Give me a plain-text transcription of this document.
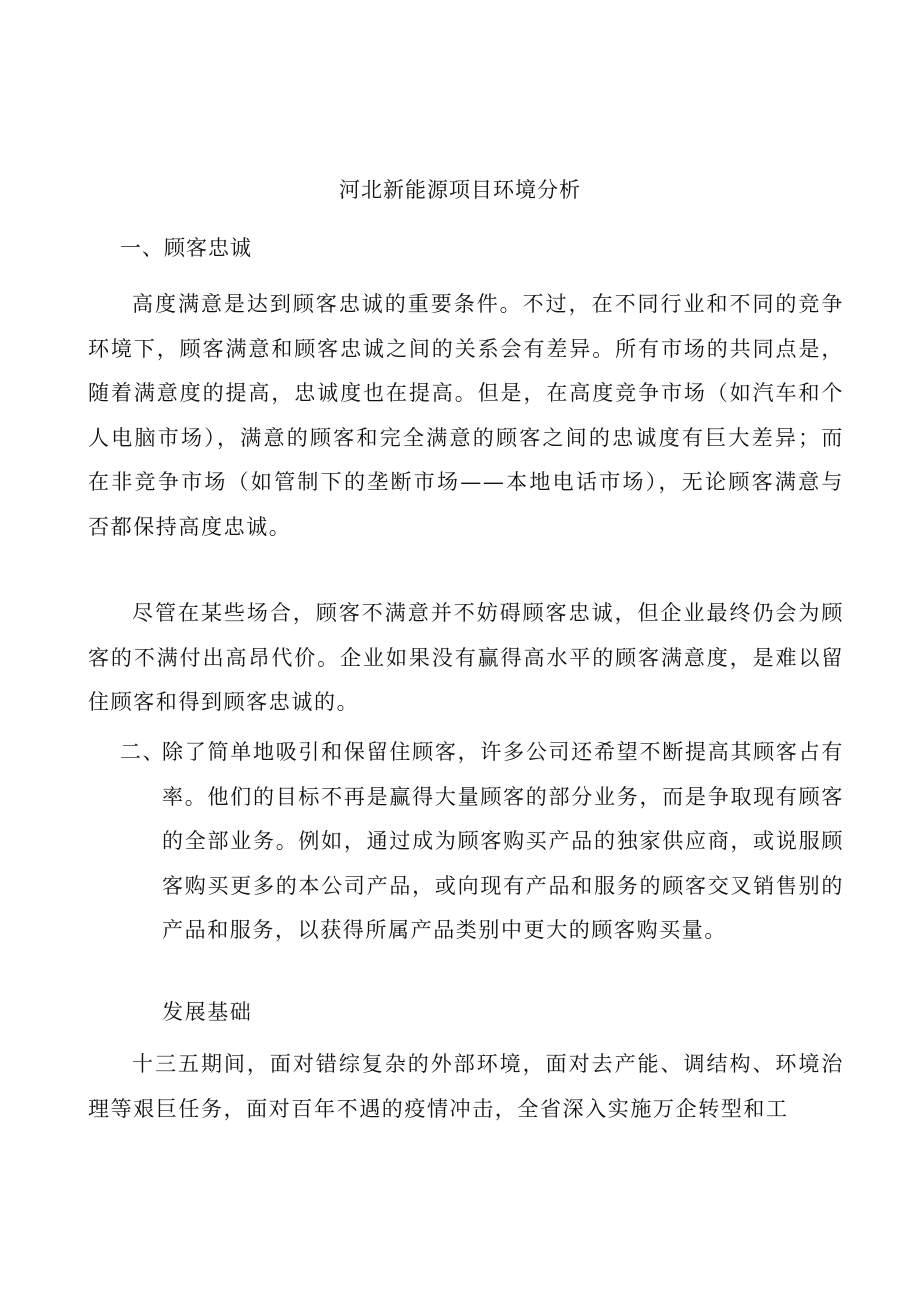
河北新能源项目环境分析
一、顾客忠诚

高度满意是达到顾客忠诚的重要条件。不过，在不同行业和不同的竞争环境下，顾客满意和顾客忠诚之间的关系会有差异。所有市场的共同点是，随着满意度的提高，忠诚度也在提高。但是，在高度竞争市场（如汽车和个人电脑市场），满意的顾客和完全满意的顾客之间的忠诚度有巨大差异；而在非竞争市场（如管制下的垄断市场——本地电话市场），无论顾客满意与否都保持高度忠诚。

尽管在某些场合，顾客不满意并不妨碍顾客忠诚，但企业最终仍会为顾客的不满付出高昂代价。企业如果没有赢得高水平的顾客满意度，是难以留住顾客和得到顾客忠诚的。

二、
除了简单地吸引和保留住顾客，许多公司还希望不断提高其顾客占有率。他们的目标不再是赢得大量顾客的部分业务，而是争取现有顾客的全部业务。例如，通过成为顾客购买产品的独家供应商，或说服顾客购买更多的本公司产品，或向现有产品和服务的顾客交叉销售别的产品和服务，以获得所属产品类别中更大的顾客购买量。
发展基础

十三五期间，面对错综复杂的外部环境，面对去产能、调结构、环境治理等艰巨任务，面对百年不遇的疫情冲击，全省深入实施万企转型和工
